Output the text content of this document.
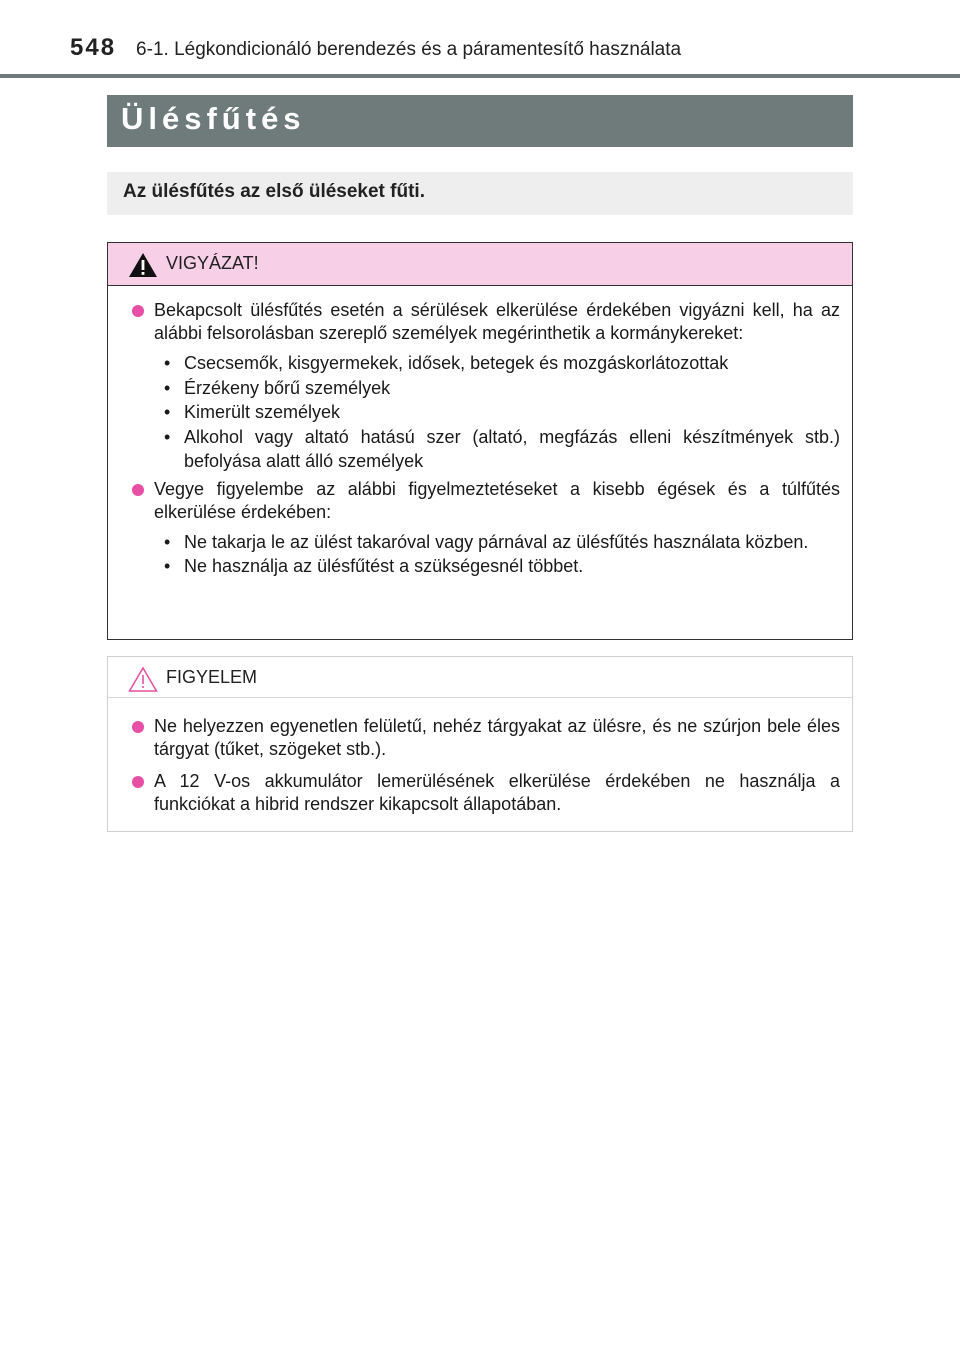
548 6-1. Légkondicionáló berendezés és a páramentesítő használata
Ülésfűtés
Az ülésfűtés az első üléseket fűti.
VIGYÁZAT!
Bekapcsolt ülésfűtés esetén a sérülések elkerülése érdekében vigyázni kell, ha az alábbi felsorolásban szereplő személyek megérinthetik a kormánykereket:
• Csecsemők, kisgyermekek, idősek, betegek és mozgáskorlátozottak
• Érzékeny bőrű személyek
• Kimerült személyek
• Alkohol vagy altató hatású szer (altató, megfázás elleni készítmények stb.) befolyása alatt álló személyek
Vegye figyelembe az alábbi figyelmeztetéseket a kisebb égések és a túlfűtés elkerülése érdekében:
• Ne takarja le az ülést takaróval vagy párnával az ülésfűtés használata közben.
• Ne használja az ülésfűtést a szükségesnél többet.
FIGYELEM
Ne helyezzen egyenetlen felületű, nehéz tárgyakat az ülésre, és ne szúrjon bele éles tárgyat (tűket, szögeket stb.).
A 12 V-os akkumulátor lemerülésének elkerülése érdekében ne használja a funkciókat a hibrid rendszer kikapcsolt állapotában.
